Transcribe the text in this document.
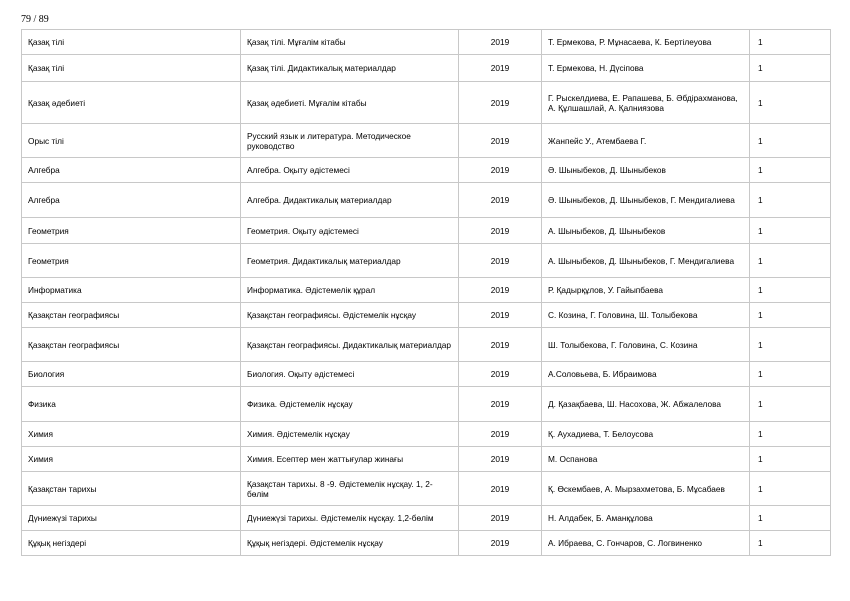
79 / 89
Қазақ тілі	Қазақ тілі. Мұғалім кітабы	2019	Т. Ермекова, Р. Мұнасаева, К. Бертілеуова	1
Қазақ тілі	Қазақ тілі. Дидактикалық материалдар	2019	Т. Ермекова, Н. Дүсіпова	1
Қазақ әдебиеті	Қазақ әдебиеті. Мұғалім кітабы	2019	Г. Рыскелдиева, Е. Рапашева, Б. Әбдірахманова, А. Құлшашлай, А. Қалниязова	1
Орыс тілі	Русский язык и литература. Методическое руководство	2019	Жанпейс У., Атембаева Г.	1
Алгебра	Алгебра. Оқыту әдістемесі	2019	Ә. Шыныбеков, Д. Шыныбеков	1
Алгебра	Алгебра. Дидактикалық материалдар	2019	Ә. Шыныбеков, Д. Шыныбеков, Г. Мендигалиева	1
Геометрия	Геометрия. Оқыту әдістемесі	2019	А. Шыныбеков, Д. Шыныбеков	1
Геометрия	Геометрия. Дидактикалық материалдар	2019	А. Шыныбеков, Д. Шыныбеков, Г. Мендигалиева	1
Информатика	Информатика. Әдістемелік құрал	2019	Р. Қадырқұлов, У. Гайыпбаева	1
Қазақстан географиясы	Қазақстан географиясы. Әдістемелік нұсқау	2019	С. Козина, Г. Головина, Ш. Толыбекова	1
Қазақстан географиясы	Қазақстан географиясы. Дидактикалық материалдар	2019	Ш. Толыбекова, Г. Головина, С. Козина	1
Биология	Биология. Оқыту әдістемесі	2019	А.Соловьева, Б. Ибраимова	1
Физика	Физика. Әдістемелік нұсқау	2019	Д. Қазақбаева, Ш. Насохова, Ж. Абжалелова	1
Химия	Химия. Әдістемелік нұсқау	2019	Қ. Аухадиева, Т. Белоусова	1
Химия	Химия. Есептер мен жаттығулар жинағы	2019	М. Оспанова	1
Қазақстан тарихы	Қазақстан тарихы. 8 -9. Әдістемелік нұсқау. 1, 2-бөлім	2019	Қ. Өскембаев, А. Мырзахметова, Б. Мұсабаев	1
Дүниежүзі тарихы	Дүниежүзі тарихы. Әдістемелік нұсқау. 1,2-бөлім	2019	Н. Алдабек, Б. Аманқұлова	1
Құқық негіздері	Құқық негіздері. Әдістемелік нұсқау	2019	А. Ибраева, С. Гончаров, С. Логвиненко	1
